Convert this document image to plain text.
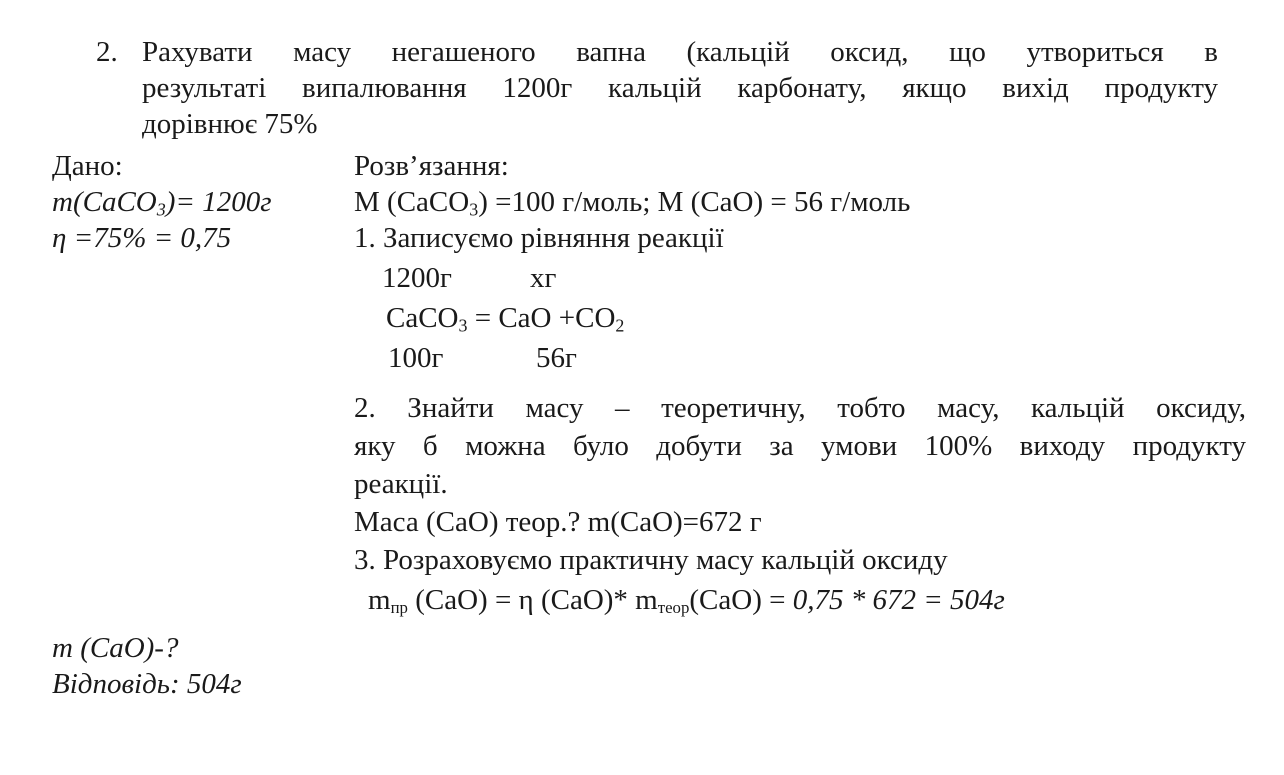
2. Рахувати масу негашеного вапна (кальцій оксид, що утвориться в
результаті випалювання 1200г кальцій карбонату, якщо вихід продукту
дорівнює 75%
Дано:
m(CaCO$_3$)= 1200г
η =75% = 0,75
Розв’язання:
M (CaCO$_3$) =100 г/моль; M (CaO) = 56 г/моль
1. Записуємо рівняння реакції
1200г	хг
CaCO$_3$ = CaO $+CO_2$
100г	56г
2. Знайти масу – теоретичну, тобто масу, кальцій оксиду,
яку б можна було добути за умови 100% виходу продукту
реакції.
Маса (CaO) теор.? m(CaO)=672 г
3. Розраховуємо практичну масу кальцій оксиду
$m_{пр}$ (CaO) = η (CaO)* $m_{теор}(CaO) = 0,75 * 672 = 504г$
m (CaO)-?
Відповідь: 504г
